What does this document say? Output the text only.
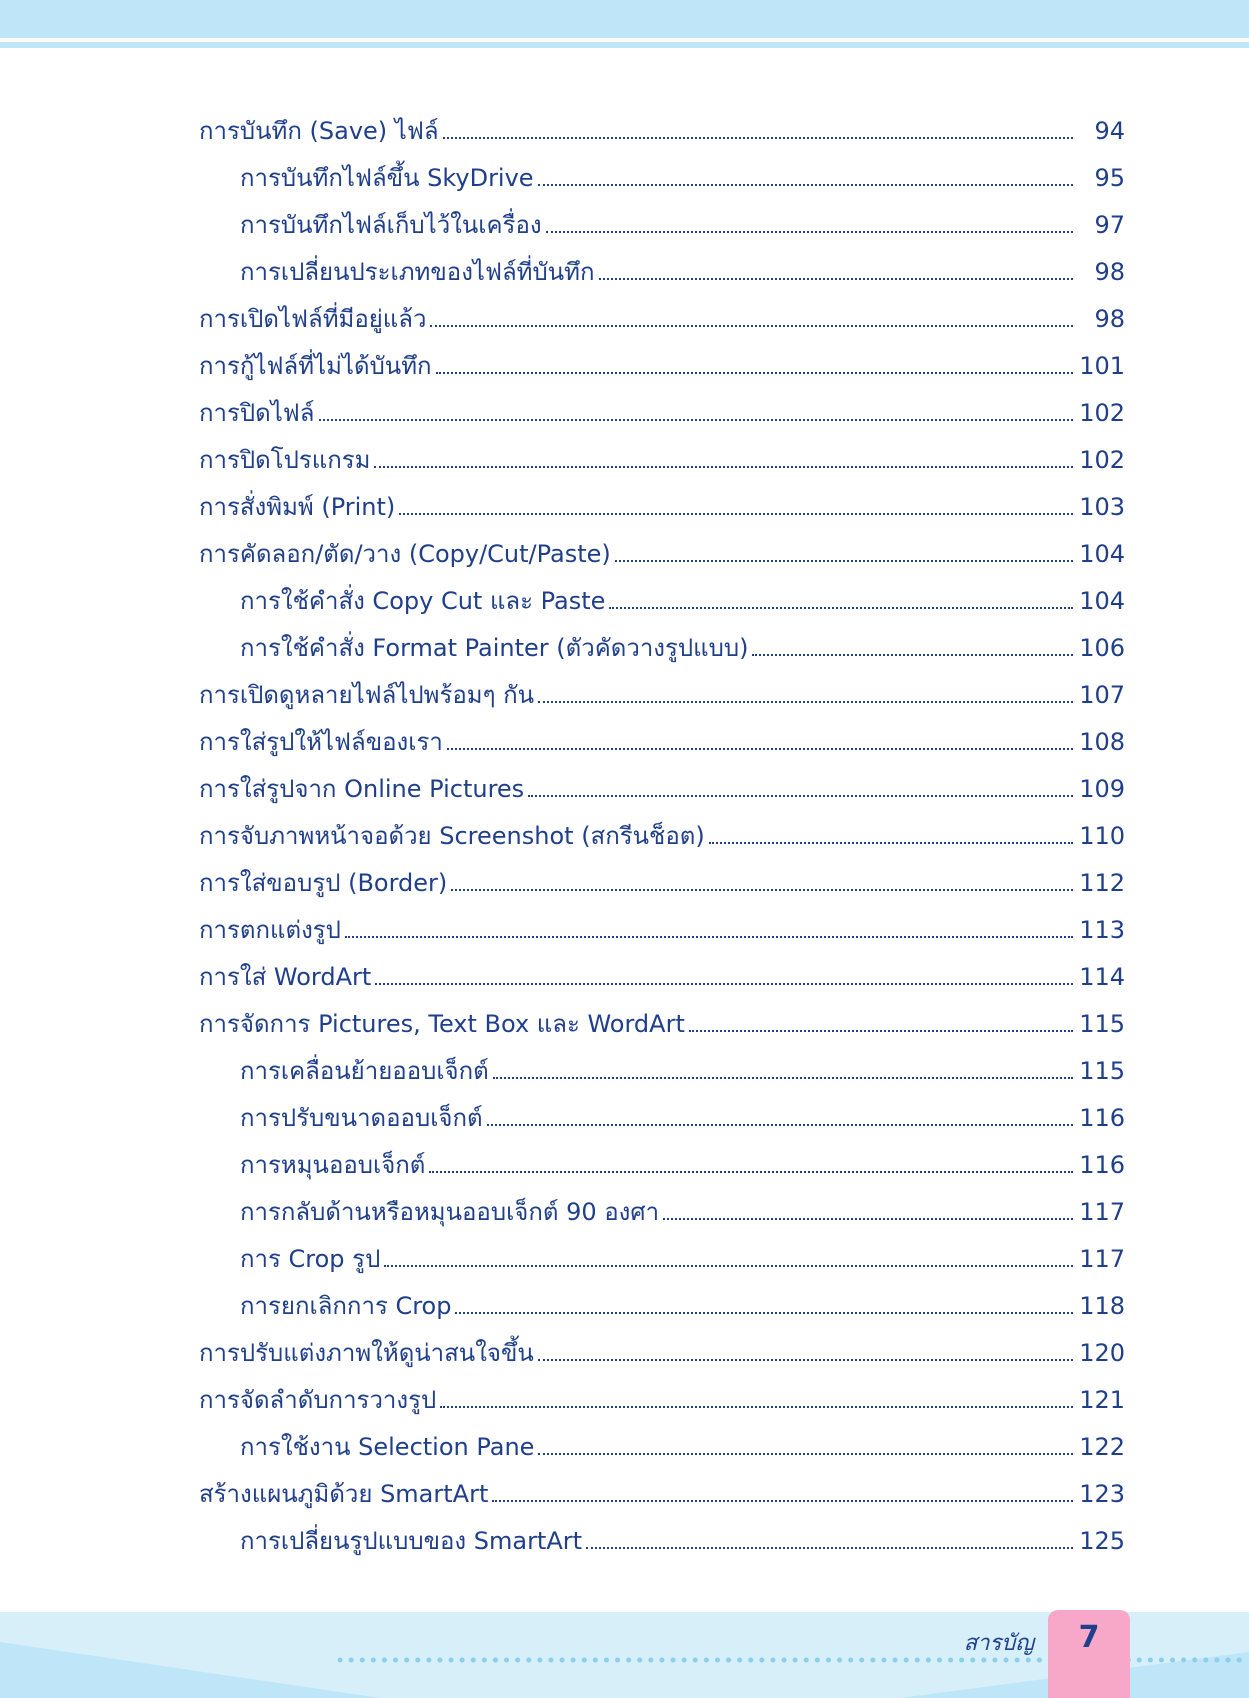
การบันทึก (Save) ไฟล์	94
การบันทึกไฟล์ขึ้น SkyDrive	95
การบันทึกไฟล์เก็บไว้ในเครื่อง	97
การเปลี่ยนประเภทของไฟล์ที่บันทึก	98
การเปิดไฟล์ที่มีอยู่แล้ว	98
การกู้ไฟล์ที่ไม่ได้บันทึก	101
การปิดไฟล์	102
การปิดโปรแกรม	102
การสั่งพิมพ์ (Print)	103
การคัดลอก/ตัด/วาง (Copy/Cut/Paste)	104
การใช้คำสั่ง Copy Cut และ Paste	104
การใช้คำสั่ง Format Painter (ตัวคัดวางรูปแบบ)	106
การเปิดดูหลายไฟล์ไปพร้อมๆ กัน	107
การใส่รูปให้ไฟล์ของเรา	108
การใส่รูปจาก Online Pictures	109
การจับภาพหน้าจอด้วย Screenshot (สกรีนช็อต)	110
การใส่ขอบรูป (Border)	112
การตกแต่งรูป	113
การใส่ WordArt	114
การจัดการ Pictures, Text Box และ WordArt	115
การเคลื่อนย้ายออบเจ็กต์	115
การปรับขนาดออบเจ็กต์	116
การหมุนออบเจ็กต์	116
การกลับด้านหรือหมุนออบเจ็กต์ 90 องศา	117
การ Crop รูป	117
การยกเลิกการ Crop	118
การปรับแต่งภาพให้ดูน่าสนใจขึ้น	120
การจัดลำดับการวางรูป	121
การใช้งาน Selection Pane	122
สร้างแผนภูมิด้วย SmartArt	123
การเปลี่ยนรูปแบบของ SmartArt	125
สารบัญ	7
